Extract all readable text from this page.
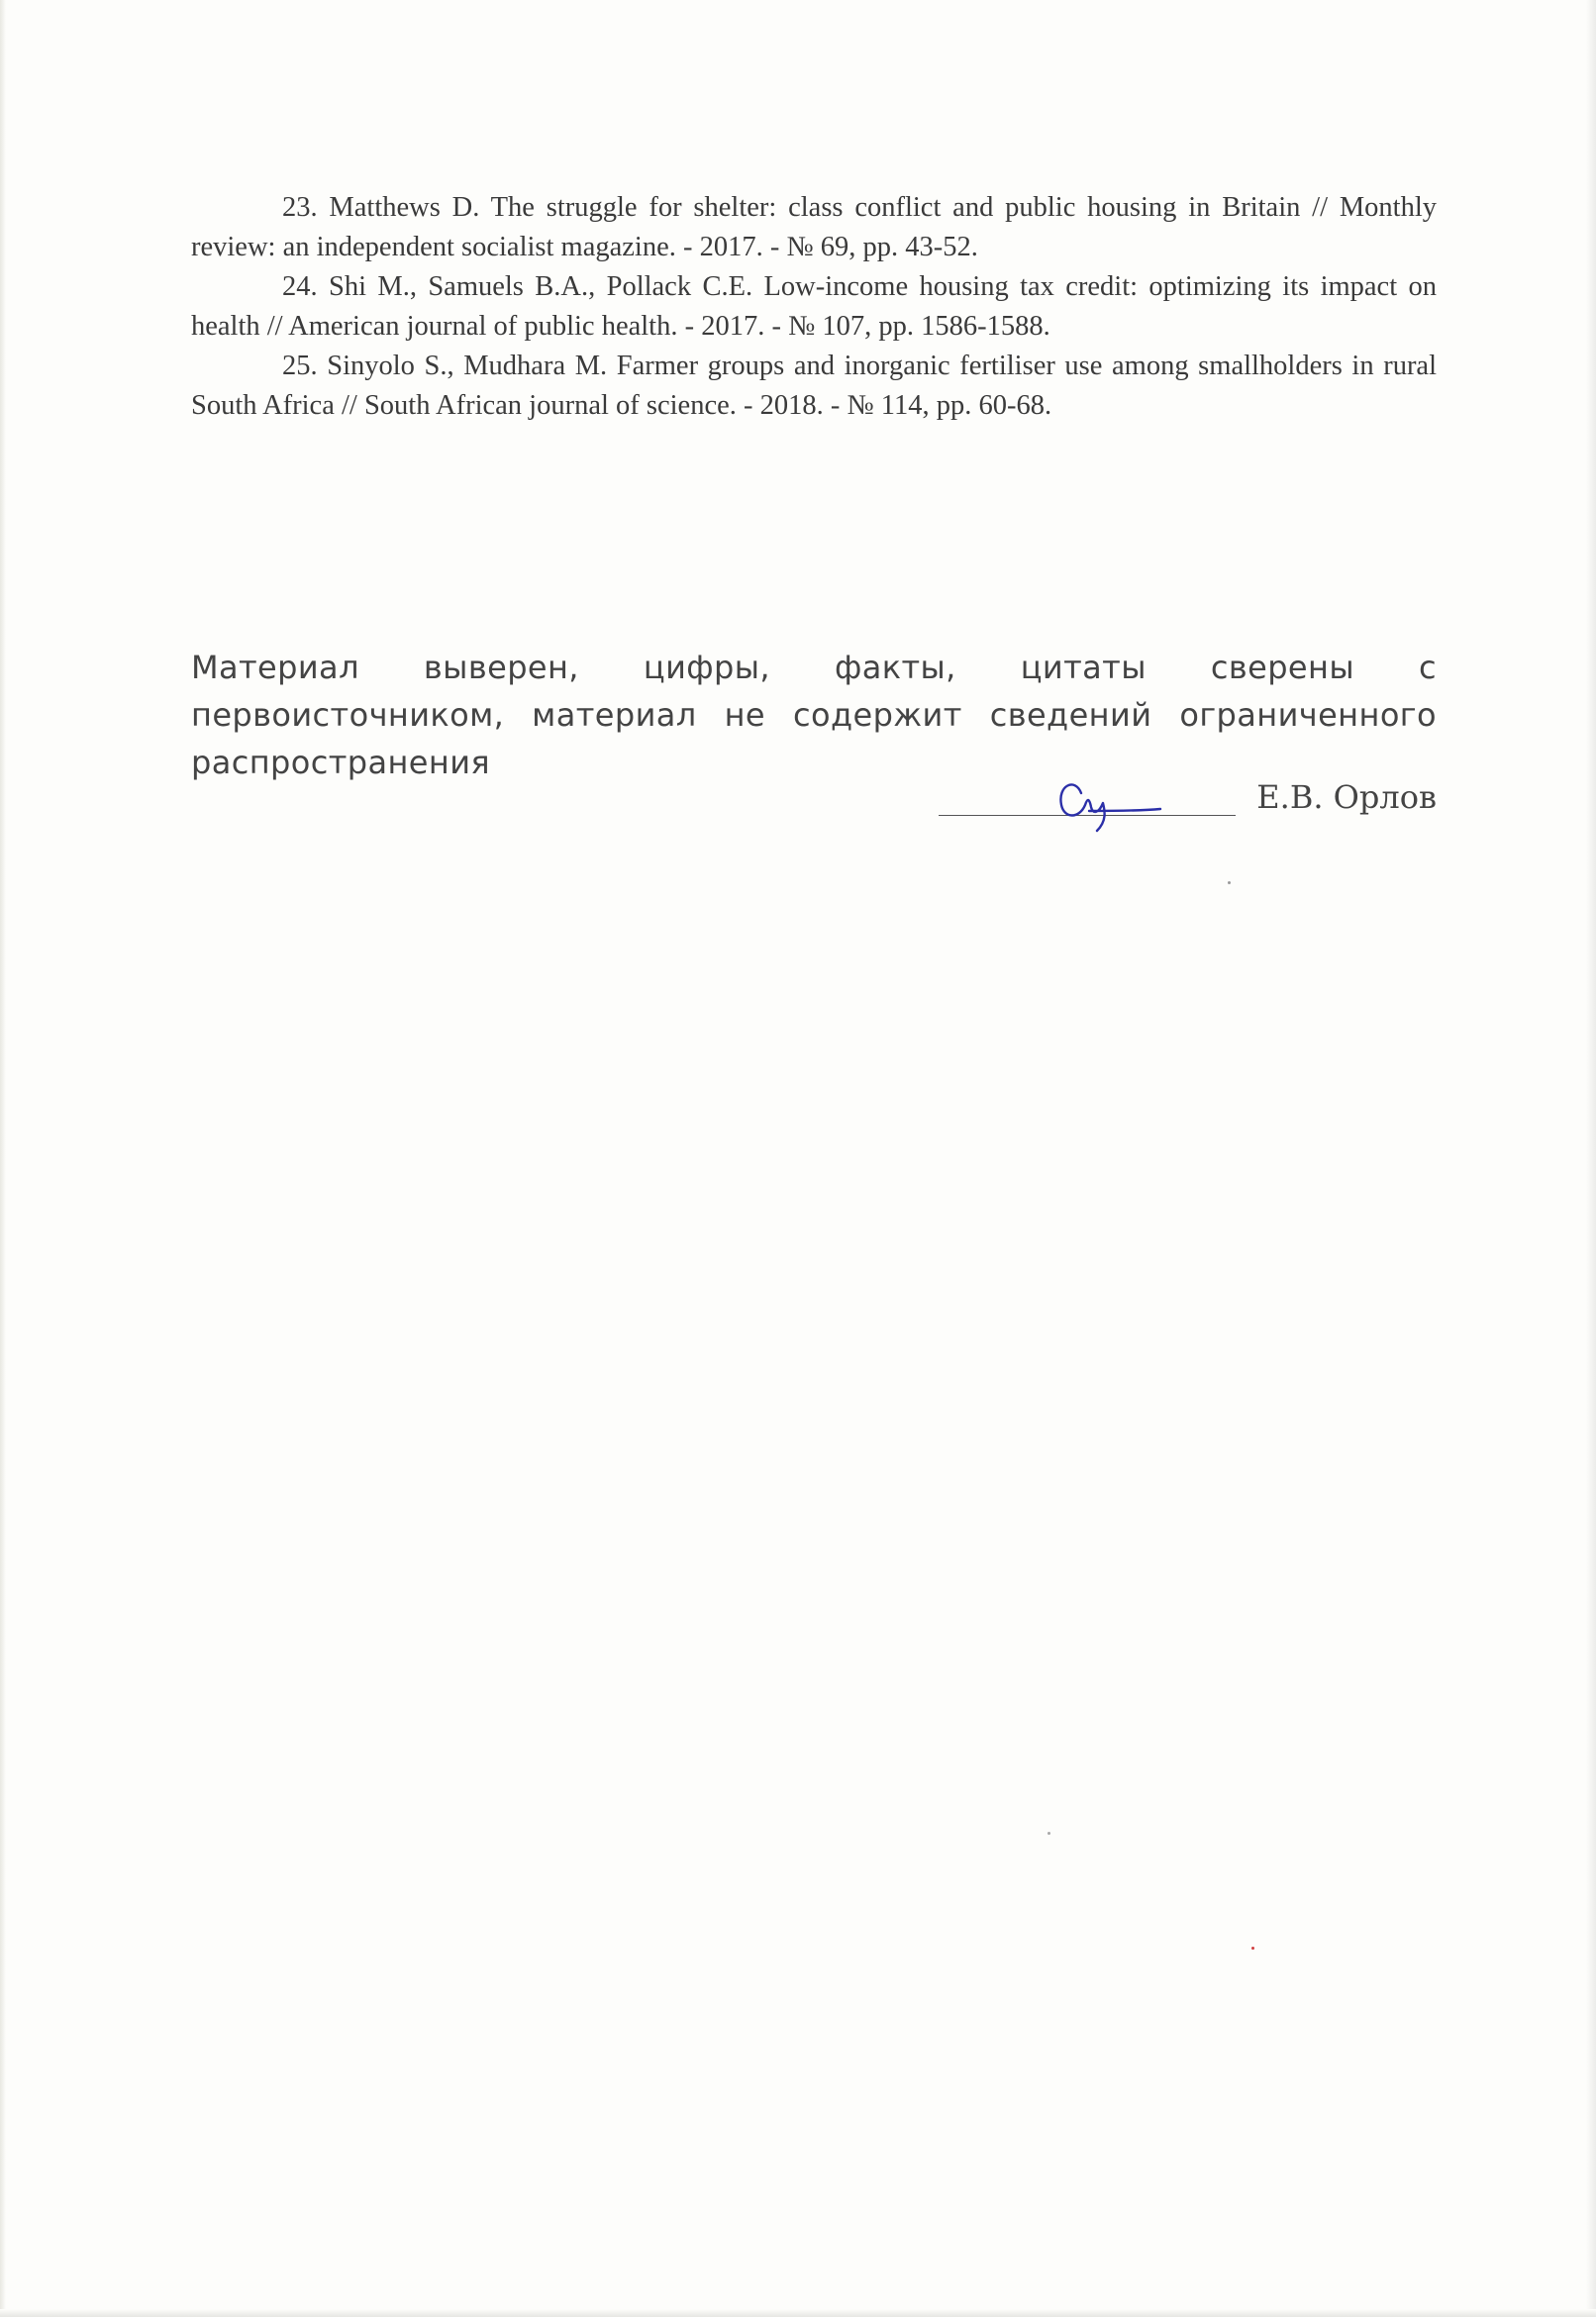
23. Matthews D. The struggle for shelter: class conflict and public housing in Britain // Monthly review: an independent socialist magazine. - 2017. - № 69, pp. 43-52.

24. Shi M., Samuels B.A., Pollack C.E. Low-income housing tax credit: optimizing its impact on health // American journal of public health. - 2017. - № 107, pp. 1586-1588.

25. Sinyolo S., Mudhara M. Farmer groups and inorganic fertiliser use among smallholders in rural South Africa // South African journal of science. - 2018. - № 114, pp. 60-68.

Материал выверен, цифры, факты, цитаты сверены с первоисточником, материал не содержит сведений ограниченного распространения

Е.В. Орлов
